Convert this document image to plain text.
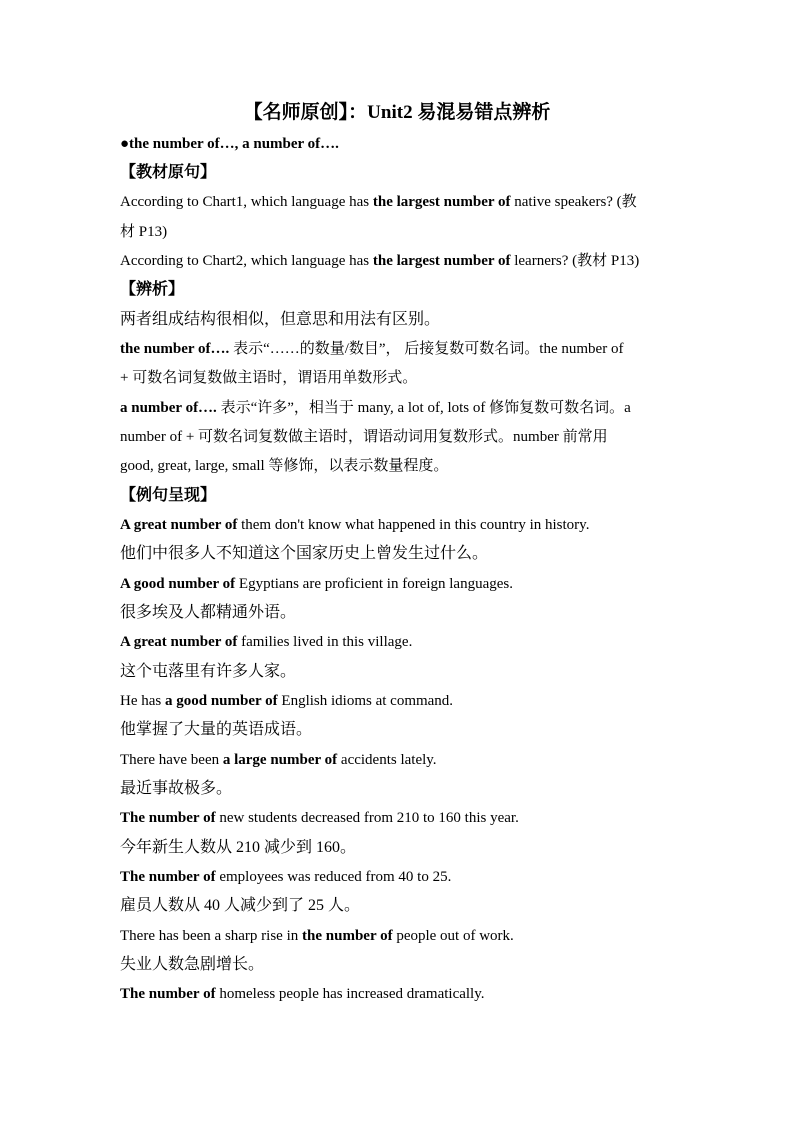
【名师原创】：Unit2 易混易错点辨析
●the number of…, a number of….
【教材原句】
According to Chart1, which language has the largest number of native speakers? (教
材 P13)
According to Chart2, which language has the largest number of learners? (教材 P13)
【辨析】
两者组成结构很相似，但意思和用法有区别。
the number of…. 表示“……的数量/数目”， 后接复数可数名词。the number of
+ 可数名词复数做主语时，谓语用单数形式。
a number of…. 表示“许多”，相当于 many, a lot of, lots of 修饰复数可数名词。a
number of + 可数名词复数做主语时，谓语动词用复数形式。number 前常用
good, great, large, small 等修饰，以表示数量程度。
【例句呈现】
A great number of them don't know what happened in this country in history.
他们中很多人不知道这个国家历史上曾发生过什么。
A good number of Egyptians are proficient in foreign languages.
很多埃及人都精通外语。
A great number of families lived in this village.
这个屯落里有许多人家。
He has a good number of English idioms at command.
他掌握了大量的英语成语。
There have been a large number of accidents lately.
最近事故极多。
The number of new students decreased from 210 to 160 this year.
今年新生人数从 210 减少到 160。
The number of employees was reduced from 40 to 25.
雇员人数从 40 人减少到了 25 人。
There has been a sharp rise in the number of people out of work.
失业人数急剧增长。
The number of homeless people has increased dramatically.
